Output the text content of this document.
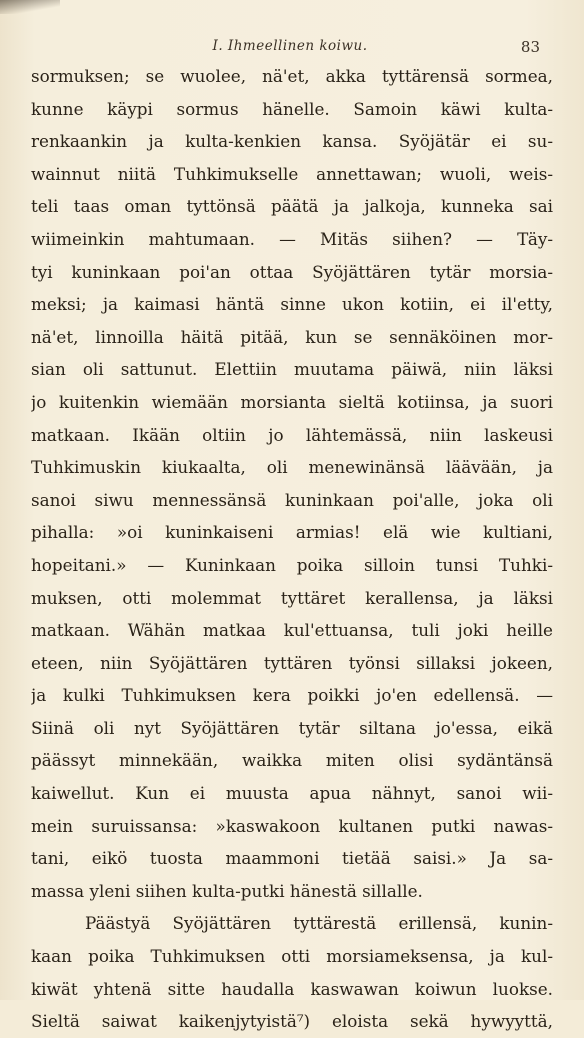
I. Ihmeellinen koiwu.	83
sormuksen; se wuolee, nä'et, akka tyttärensä sormea,
kunne käypi sormus hänelle. Samoin käwi kulta-
renkaankin ja kulta-kenkien kansa. Syöjätär ei su-
wainnut niitä Tuhkimukselle annettawan; wuoli, weis-
teli taas oman tyttönsä päätä ja jalkoja, kunneka sai
wiimeinkin mahtumaan. — Mitäs siihen? — Täy-
tyi kuninkaan poi'an ottaa Syöjättären tytär morsia-
meksi; ja kaimasi häntä sinne ukon kotiin, ei il'etty,
nä'et, linnoilla häitä pitää, kun se sennäköinen mor-
sian oli sattunut. Elettiin muutama päiwä, niin läksi
jo kuitenkin wiemään morsianta sieltä kotiinsa, ja suori
matkaan. Ikään oltiin jo lähtemässä, niin laskeusi
Tuhkimuskin kiukaalta, oli menewinänsä läävään, ja
sanoi siwu mennessänsä kuninkaan poi'alle, joka oli
pihalla: »oi kuninkaiseni armias! elä wie kultiani,
hopeitani.» — Kuninkaan poika silloin tunsi Tuhki-
muksen, otti molemmat tyttäret kerallensa, ja läksi
matkaan. Wähän matkaa kul'ettuansa, tuli joki heille
eteen, niin Syöjättären tyttären työnsi sillaksi jokeen,
ja kulki Tuhkimuksen kera poikki jo'en edellensä. —
Siinä oli nyt Syöjättären tytär siltana jo'essa, eikä
päässyt minnekään, waikka miten olisi sydäntänsä
kaiwellut. Kun ei muusta apua nähnyt, sanoi wii-
mein suruissansa: »kaswakoon kultanen putki nawas-
tani, eikö tuosta maammoni tietää saisi.» Ja sa-
massa yleni siihen kulta-putki hänestä sillalle.
Päästyä Syöjättären tyttärestä erillensä, kunin-
kaan poika Tuhkimuksen otti morsiameksensa, ja kul-
kiwät yhtenä sitte haudalla kaswawan koiwun luokse.
Sieltä saiwat kaikenjytyistä⁷) eloista sekä hywyyttä,
